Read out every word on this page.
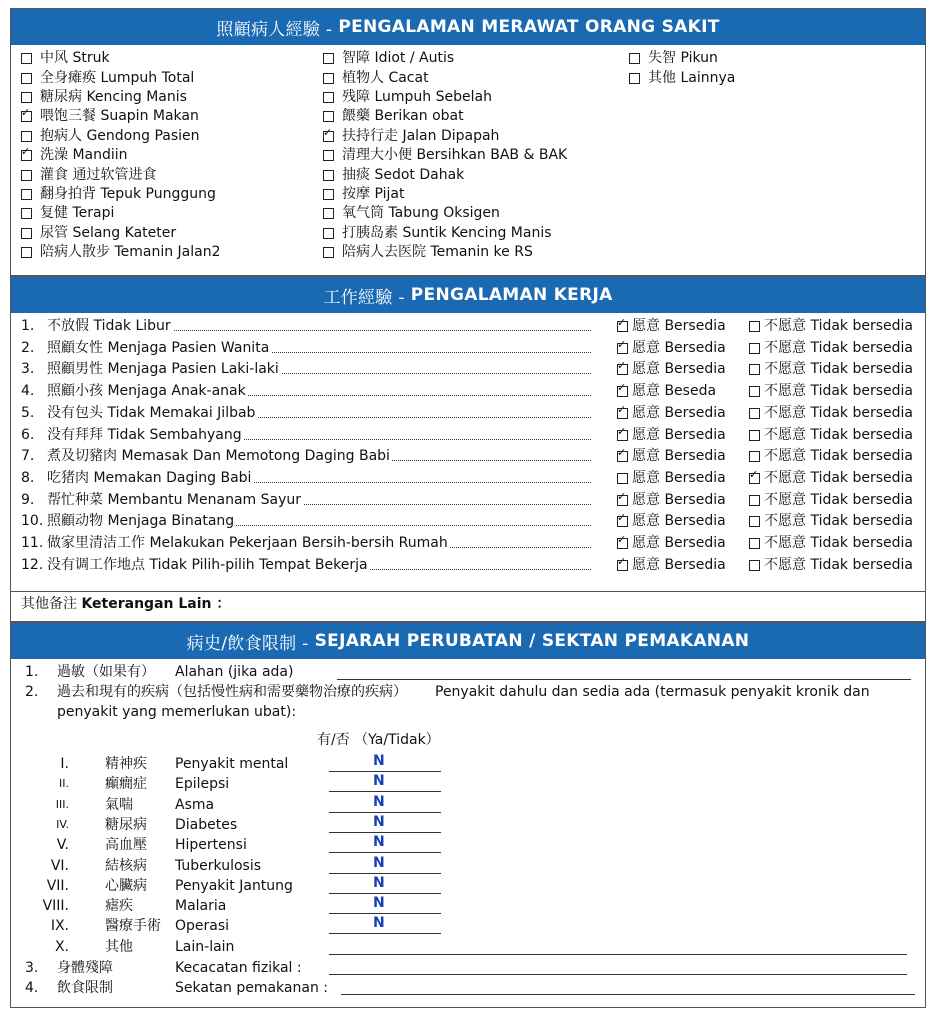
照顧病人經驗 - PENGALAMAN MERAWAT ORANG SAKIT
中风 Struk
全身瘫痪 Lumpuh Total
糖尿病 Kencing Manis
✓
喂饱三餐 Suapin Makan
抱病人 Gendong Pasien
✓
洗澡 Mandiin
灌食 通过软管进食
翻身拍背 Tepuk Punggung
复健 Terapi
尿管 Selang Kateter
陪病人散步 Temanin Jalan2
智障 Idiot / Autis
植物人 Cacat
残障 Lumpuh Sebelah
餵藥 Berikan obat
✓
扶持行走 Jalan Dipapah
清理大小便 Bersihkan BAB & BAK
抽痰 Sedot Dahak
按摩 Pijat
氧气筒 Tabung Oksigen
打胰岛素 Suntik Kencing Manis
陪病人去医院 Temanin ke RS
失智 Pikun
其他 Lainnya
工作經驗 - PENGALAMAN KERJA
1. 不放假 Tidak Libur ✓	愿意 Bersedia	不愿意 Tidak bersedia
2. 照顧女性 Menjaga Pasien Wanita ✓	愿意 Bersedia	不愿意 Tidak bersedia
3. 照顧男性 Menjaga Pasien Laki-laki ✓	愿意 Bersedia	不愿意 Tidak bersedia
4. 照顧小孩 Menjaga Anak-anak ✓	愿意 Beseda	不愿意 Tidak bersedia
5. 没有包头 Tidak Memakai Jilbab ✓	愿意 Bersedia	不愿意 Tidak bersedia
6. 没有拜拜 Tidak Sembahyang ✓	愿意 Bersedia	不愿意 Tidak bersedia
7. 煮及切豬肉 Memasak Dan Memotong Daging Babi ✓	愿意 Bersedia	不愿意 Tidak bersedia
8. 吃猪肉 Memakan Daging Babi	愿意 Bersedia ✓	不愿意 Tidak bersedia
9. 帮忙种菜 Membantu Menanam Sayur ✓	愿意 Bersedia	不愿意 Tidak bersedia
10. 照顧动物 Menjaga Binatang ✓	愿意 Bersedia	不愿意 Tidak bersedia
11. 做家里清洁工作 Melakukan Pekerjaan Bersih-bersih Rumah ✓	愿意 Bersedia	不愿意 Tidak bersedia
12. 没有调工作地点 Tidak Pilih-pilih Tempat Bekerja ✓	愿意 Bersedia	不愿意 Tidak bersedia
其他备注 Keterangan Lain ：
病史/飲食限制 - SEJARAH PERUBATAN / SEKTAN PEMAKANAN
1. 過敏（如果有） Alahan (jika ada)
2. 過去和現有的疾病（包括慢性病和需要藥物治療的疾病） Penyakit dahulu dan sedia ada (termasuk penyakit kronik dan
penyakit yang memerlukan ubat):
有/否 （Ya/Tidak）
3. 身體殘障	Kecacatan fizikal :
4. 飲食限制	Sekatan pemakanan :
I.	精神疾 Penyakit mental	N
II.	癲癇症 Epilepsi	N
III.	氣喘	Asma	N
IV.	糖尿病 Diabetes	N
V.	高血壓 Hipertensi	N
VI.	結核病 Tuberkulosis	N
VII.	心臟病 Penyakit Jantung	N
VIII.	瘧疾	Malaria	N
IX.	醫療手術 Operasi	N
X.	其他	Lain-lain
